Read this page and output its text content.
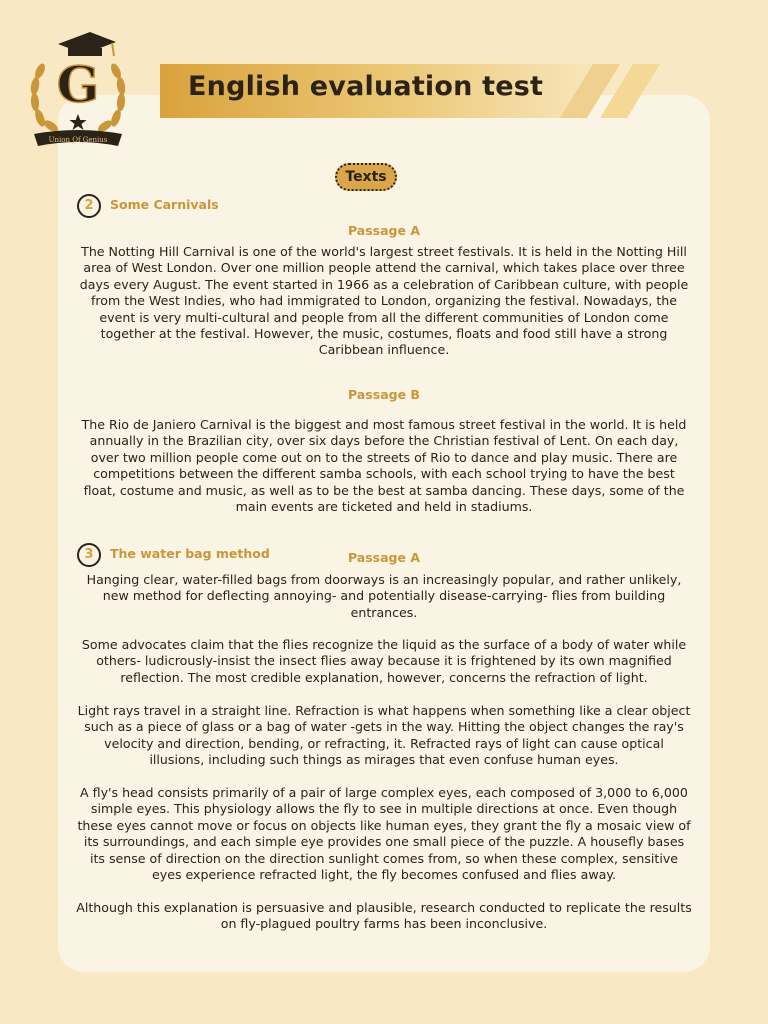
G
Union Of Genius
English evaluation test
Texts
2	Some Carnivals
Passage A

The Notting Hill Carnival is one of the world's largest street festivals. It is held in the Notting Hill area of West London. Over one million people attend the carnival, which takes place over three days every August. The event started in 1966 as a celebration of Caribbean culture, with people from the West Indies, who had immigrated to London, organizing the festival. Nowadays, the event is very multi-cultural and people from all the different communities of London come together at the festival. However, the music, costumes, floats and food still have a strong Caribbean influence.

Passage B

The Rio de Janiero Carnival is the biggest and most famous street festival in the world. It is held annually in the Brazilian city, over six days before the Christian festival of Lent. On each day, over two million people come out on to the streets of Rio to dance and play music. There are competitions between the different samba schools, with each school trying to have the best float, costume and music, as well as to be the best at samba dancing. These days, some of the main events are ticketed and held in stadiums.

3	The water bag method	Passage A

Hanging clear, water-filled bags from doorways is an increasingly popular, and rather unlikely, new method for deflecting annoying- and potentially disease-carrying- flies from building entrances.

Some advocates claim that the flies recognize the liquid as the surface of a body of water while others- ludicrously-insist the insect flies away because it is frightened by its own magnified reflection. The most credible explanation, however, concerns the refraction of light.

Light rays travel in a straight line. Refraction is what happens when something like a clear object such as a piece of glass or a bag of water -gets in the way. Hitting the object changes the ray's velocity and direction, bending, or refracting, it. Refracted rays of light can cause optical illusions, including such things as mirages that even confuse human eyes.

A fly's head consists primarily of a pair of large complex eyes, each composed of 3,000 to 6,000 simple eyes. This physiology allows the fly to see in multiple directions at once. Even though these eyes cannot move or focus on objects like human eyes, they grant the fly a mosaic view of its surroundings, and each simple eye provides one small piece of the puzzle. A housefly bases its sense of direction on the direction sunlight comes from, so when these complex, sensitive eyes experience refracted light, the fly becomes confused and flies away.

Although this explanation is persuasive and plausible, research conducted to replicate the results on fly-plagued poultry farms has been inconclusive.
